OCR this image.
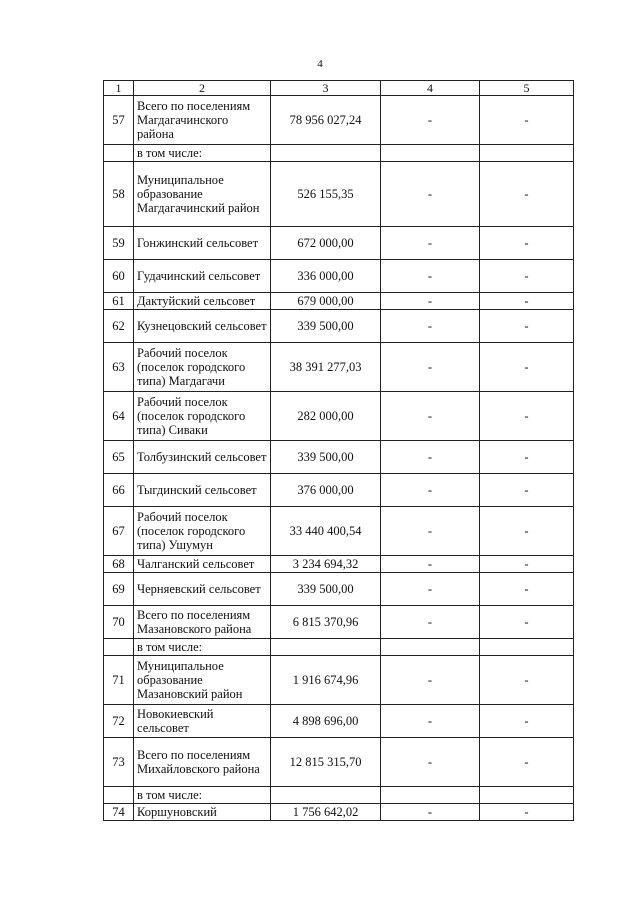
4
1	2	3	4	5
57	Всего по поселениям Магдагачинского района	78 956 027,24	-	-
	в том числе:			
58	Муниципальное образование Магдагачинский район	526 155,35	-	-
59	Гонжинский сельсовет	672 000,00	-	-
60	Гудачинский сельсовет	336 000,00	-	-
61	Дактуйский сельсовет	679 000,00	-	-
62	Кузнецовский сельсовет	339 500,00	-	-
63	Рабочий поселок (поселок городского типа) Магдагачи	38 391 277,03	-	-
64	Рабочий поселок (поселок городского типа) Сиваки	282 000,00	-	-
65	Толбузинский сельсовет	339 500,00	-	-
66	Тыгдинский сельсовет	376 000,00	-	-
67	Рабочий поселок (поселок городского типа) Ушумун	33 440 400,54	-	-
68	Чалганский сельсовет	3 234 694,32	-	-
69	Черняевский сельсовет	339 500,00	-	-
70	Всего по поселениям Мазановского района	6 815 370,96	-	-
	в том числе:			
71	Муниципальное образование Мазановский район	1 916 674,96	-	-
72	Новокиевский сельсовет	4 898 696,00	-	-
73	Всего по поселениям Михайловского района	12 815 315,70	-	-
	в том числе:			
74	Коршуновский	1 756 642,02	-	-
